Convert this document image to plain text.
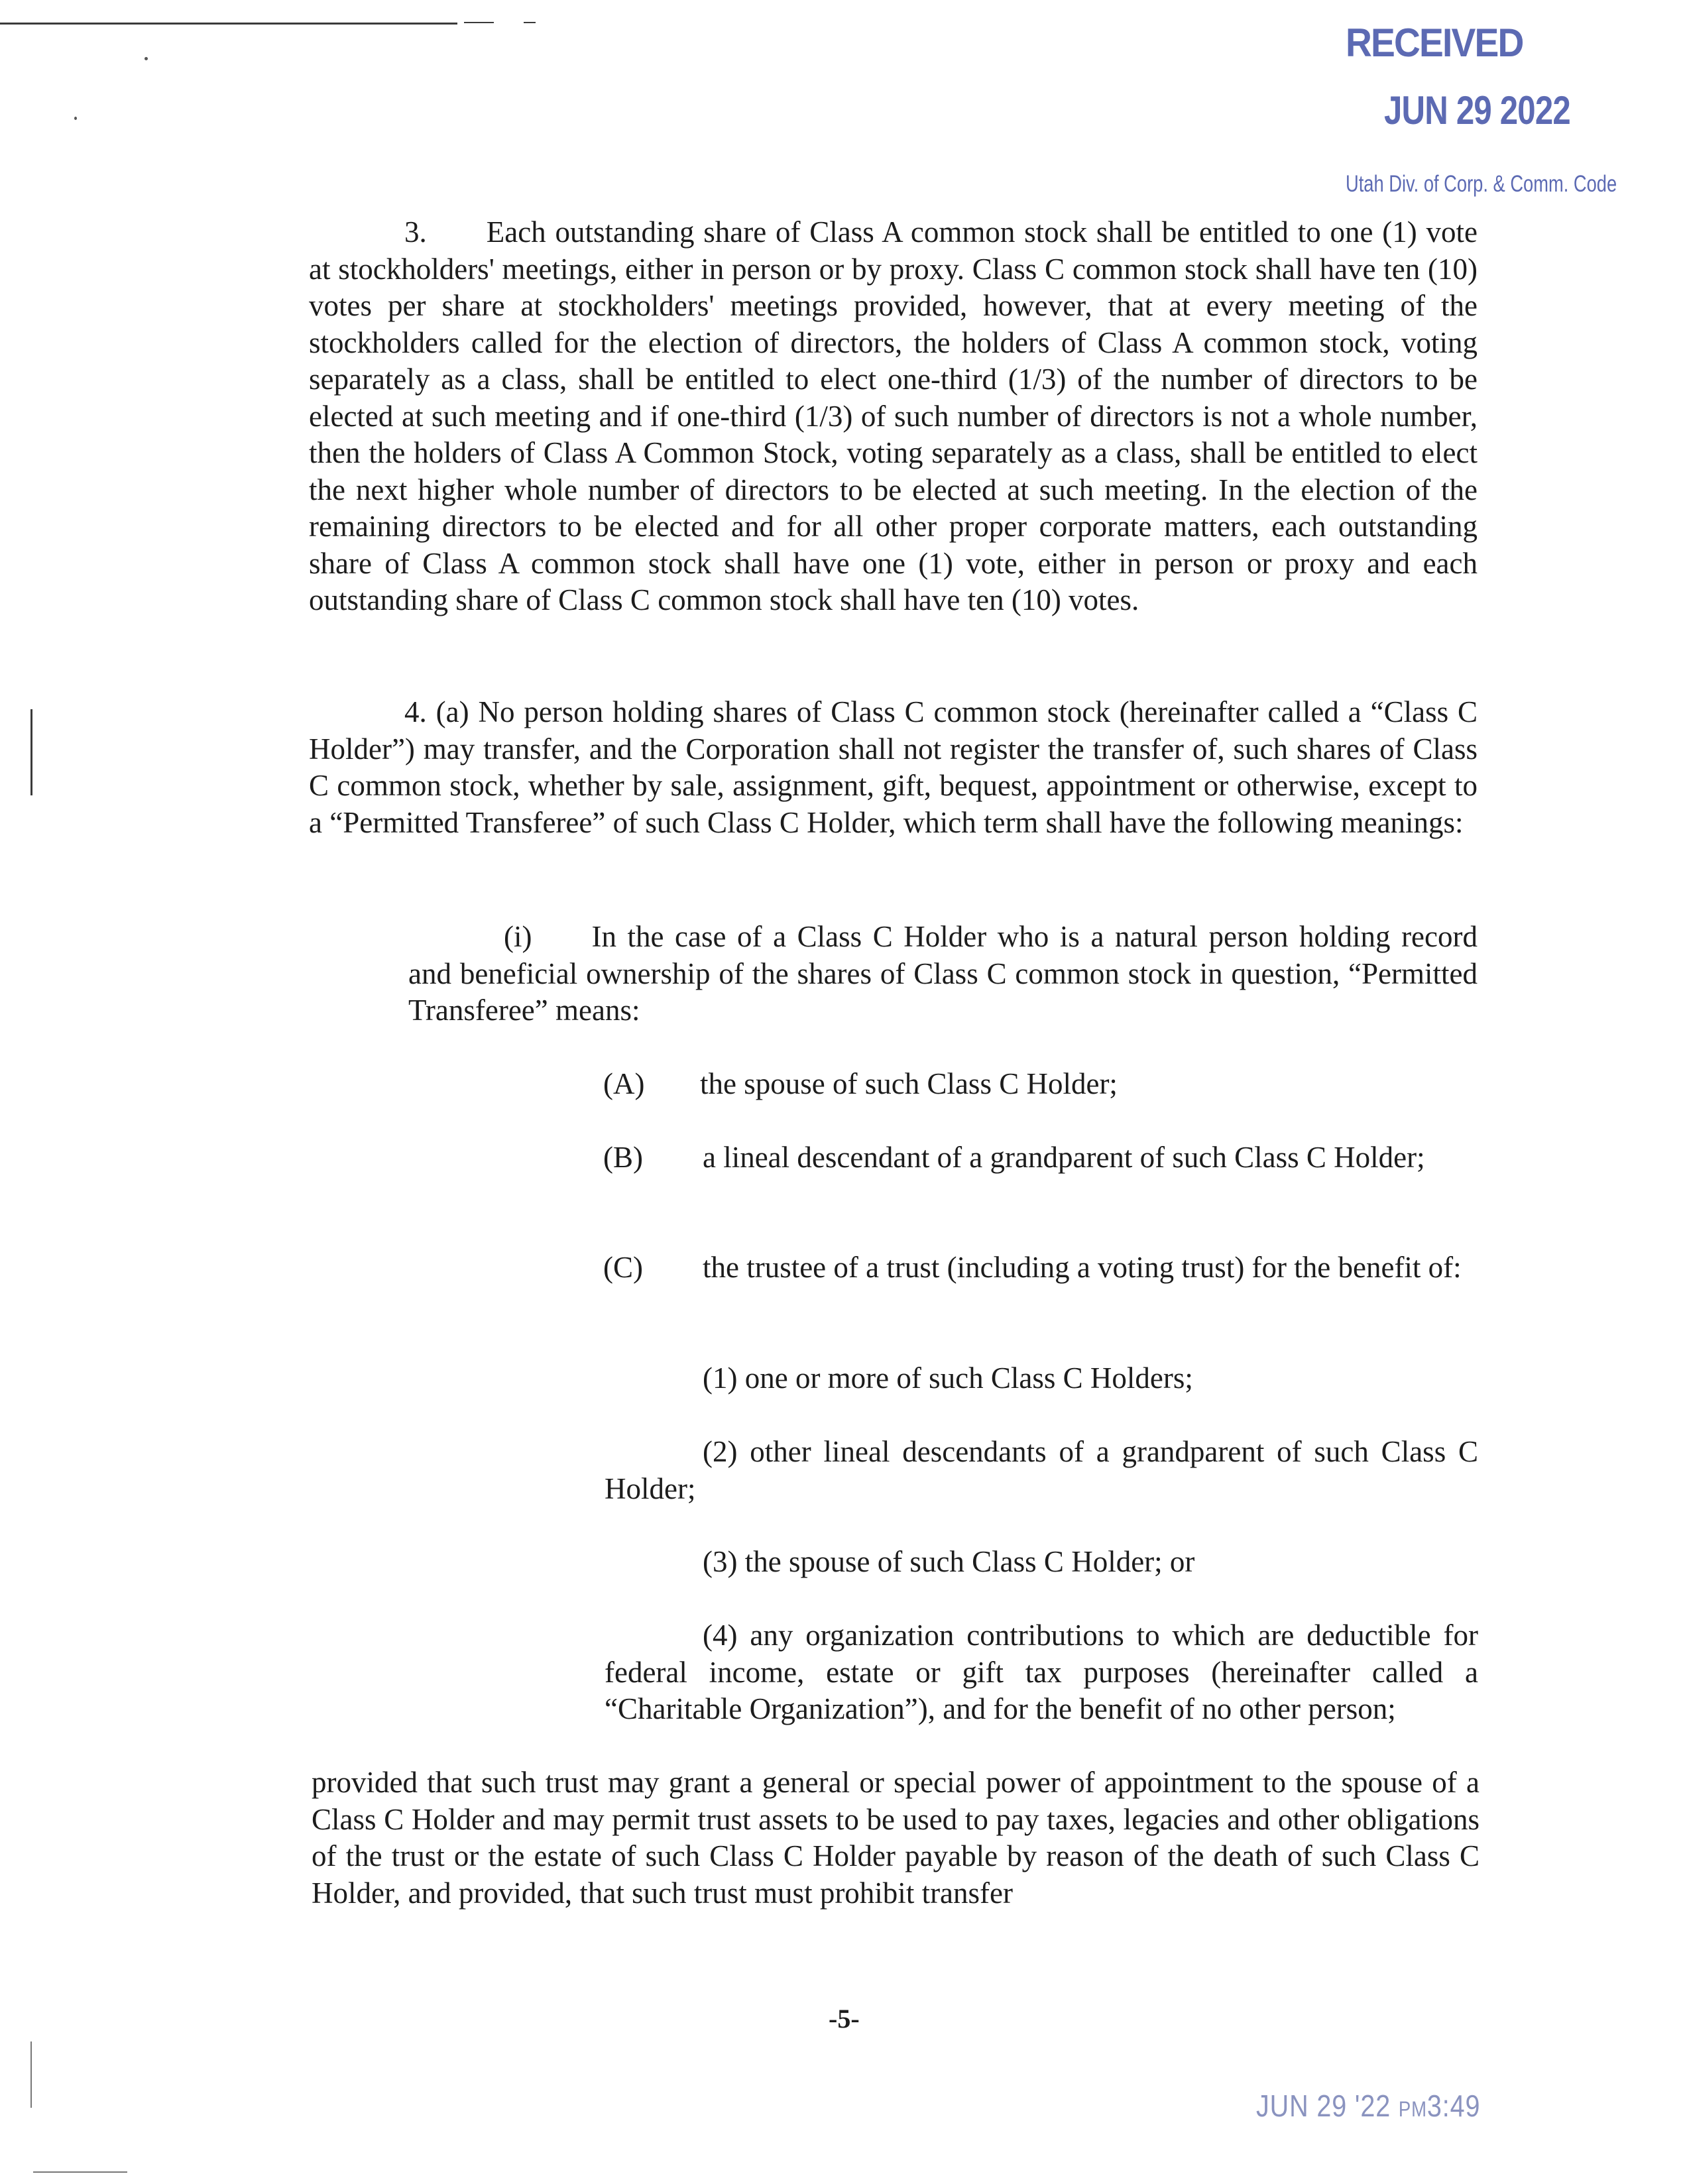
RECEIVED
JUN 29 2022
Utah Div. of Corp. & Comm. Code
3.  Each outstanding share of Class A common stock shall be entitled to one (1) vote at stockholders' meetings, either in person or by proxy. Class C common stock shall have ten (10) votes per share at stockholders' meetings provided, however, that at every meeting of the stockholders called for the election of directors, the holders of Class A common stock, voting separately as a class, shall be entitled to elect one-third (1/3) of the number of directors to be elected at such meeting and if one-third (1/3) of such number of directors is not a whole number, then the holders of Class A Common Stock, voting separately as a class, shall be entitled to elect the next higher whole number of directors to be elected at such meeting. In the election of the remaining directors to be elected and for all other proper corporate matters, each outstanding share of Class A common stock shall have one (1) vote, either in person or proxy and each outstanding share of Class C common stock shall have ten (10) votes.
4. (a) No person holding shares of Class C common stock (hereinafter called a “Class C Holder”) may transfer, and the Corporation shall not register the transfer of, such shares of Class C common stock, whether by sale, assignment, gift, bequest, appointment or otherwise, except to a “Permitted Transferee” of such Class C Holder, which term shall have the following meanings:
(i)  In the case of a Class C Holder who is a natural person holding record and beneficial ownership of the shares of Class C common stock in question, “Permitted Transferee” means:
(A) the spouse of such Class C Holder;
(B)  a lineal descendant of a grandparent of such Class C Holder;
(C)  the trustee of a trust (including a voting trust) for the benefit of:
(1) one or more of such Class C Holders;
(2) other lineal descendants of a grandparent of such Class C Holder;
(3) the spouse of such Class C Holder; or
(4) any organization contributions to which are deductible for federal income, estate or gift tax purposes (hereinafter called a “Charitable Organization”), and for the benefit of no other person;
provided that such trust may grant a general or special power of appointment to the spouse of a Class C Holder and may permit trust assets to be used to pay taxes, legacies and other obligations of the trust or the estate of such Class C Holder payable by reason of the death of such Class C Holder, and provided, that such trust must prohibit transfer
-5-
JUN 29 '22 PM3:49
